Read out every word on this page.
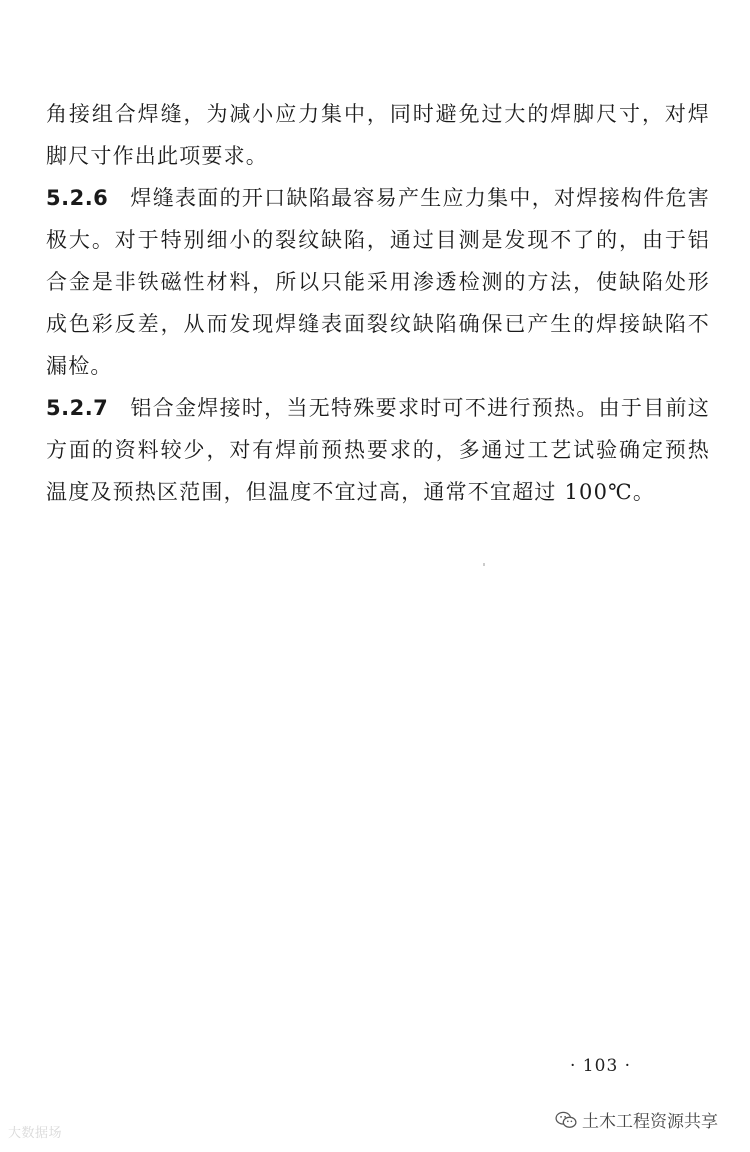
角接组合焊缝，为减小应力集中，同时避免过大的焊脚尺寸，对焊脚尺寸作出此项要求。

5.2.6 焊缝表面的开口缺陷最容易产生应力集中，对焊接构件危害极大。对于特别细小的裂纹缺陷，通过目测是发现不了的，由于铝合金是非铁磁性材料，所以只能采用渗透检测的方法，使缺陷处形成色彩反差，从而发现焊缝表面裂纹缺陷确保已产生的焊接缺陷不漏检。

5.2.7 铝合金焊接时，当无特殊要求时可不进行预热。由于目前这方面的资料较少，对有焊前预热要求的，多通过工艺试验确定预热温度及预热区范围，但温度不宜过高，通常不宜超过 100℃。

· 103 ·
大数据场
土木工程资源共享
